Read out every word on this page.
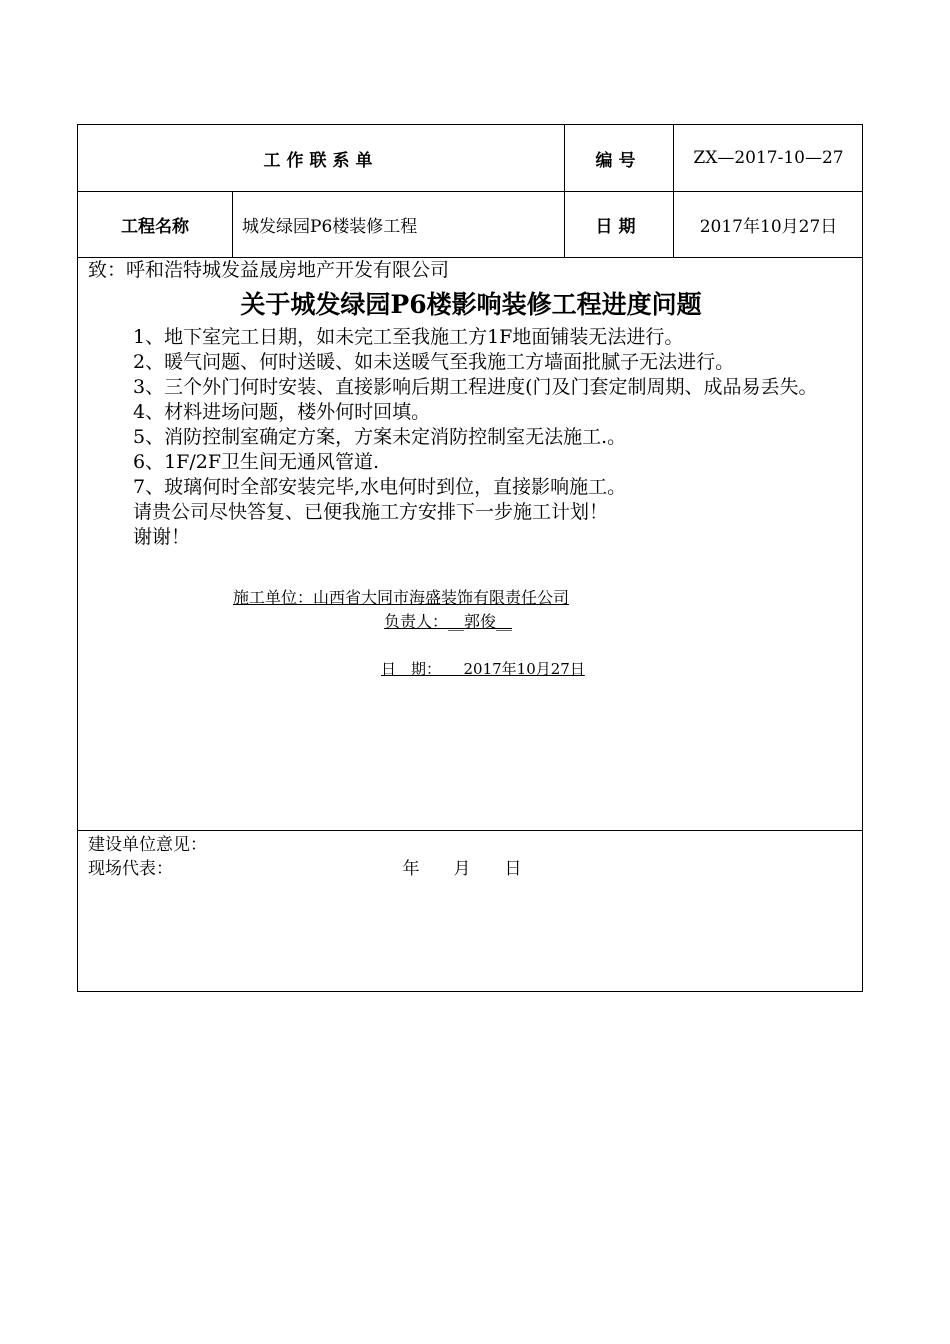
工作联系单	编号	ZX—2017-10—27
工程名称	城发绿园P6楼装修工程	日期	2017年10月27日

致：呼和浩特城发益晟房地产开发有限公司

关于城发绿园P6楼影响装修工程进度问题

1、地下室完工日期，如未完工至我施工方1F地面铺装无法进行。

2、暖气问题、何时送暖、如未送暖气至我施工方墙面批腻子无法进行。

3、三个外门何时安装、直接影响后期工程进度(门及门套定制周期、成品易丢失。

4、材料进场问题，楼外何时回填。

5、消防控制室确定方案，方案未定消防控制室无法施工.。

6、1F/2F卫生间无通风管道.

7、玻璃何时全部安装完毕,水电何时到位，直接影响施工。

请贵公司尽快答复、已便我施工方安排下一步施工计划！

谢谢！

施工单位：山西省大同市海盛装饰有限责任公司
负责人：__郭俊__
日　期：　　2017年10月27日
建设单位意见：
现场代表：　　　　　　　　　　　　　　年　　月　　日
